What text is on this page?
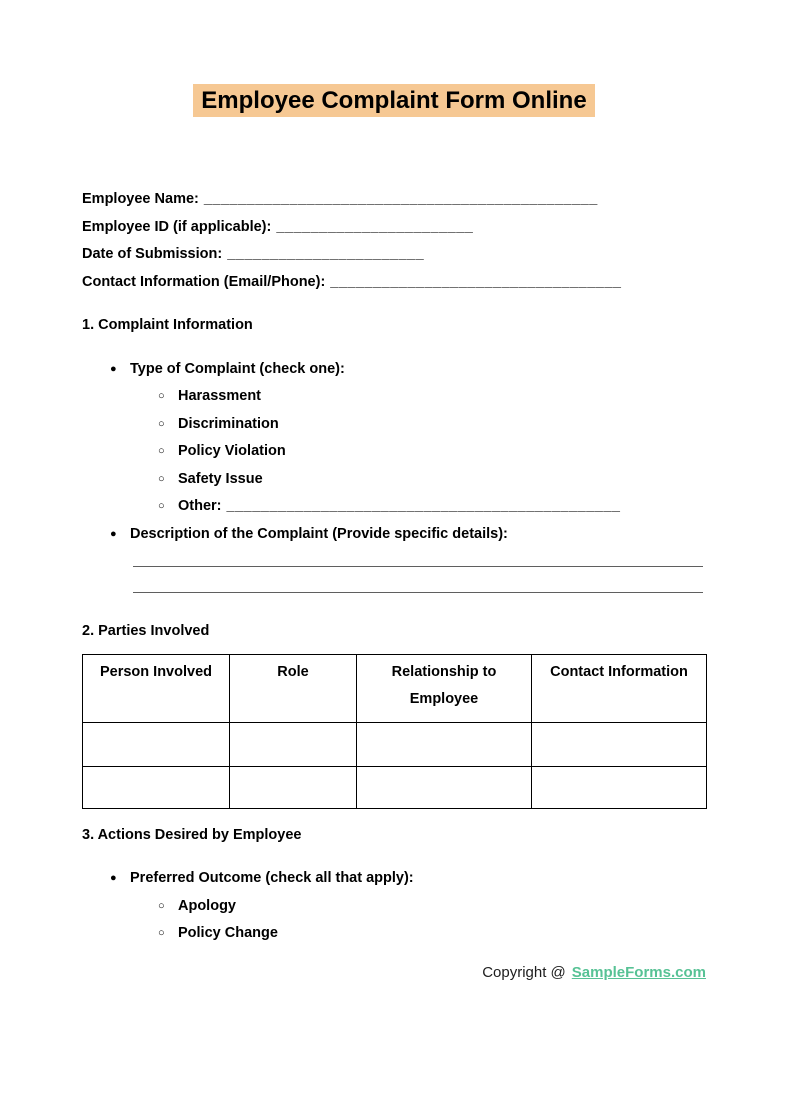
Employee Complaint Form Online
Employee Name: ______________________________________________
Employee ID (if applicable): _______________________
Date of Submission: _______________________
Contact Information (Email/Phone): __________________________________
1. Complaint Information
● Type of Complaint (check one):
○ Harassment
○ Discrimination
○ Policy Violation
○ Safety Issue
○ Other: ______________________________________________
● Description of the Complaint (Provide specific details):
2. Parties Involved
Person Involved	Role	Relationship to Employee	Contact Information

3. Actions Desired by Employee
● Preferred Outcome (check all that apply):
○ Apology
○ Policy Change
Copyright @ SampleForms.com
